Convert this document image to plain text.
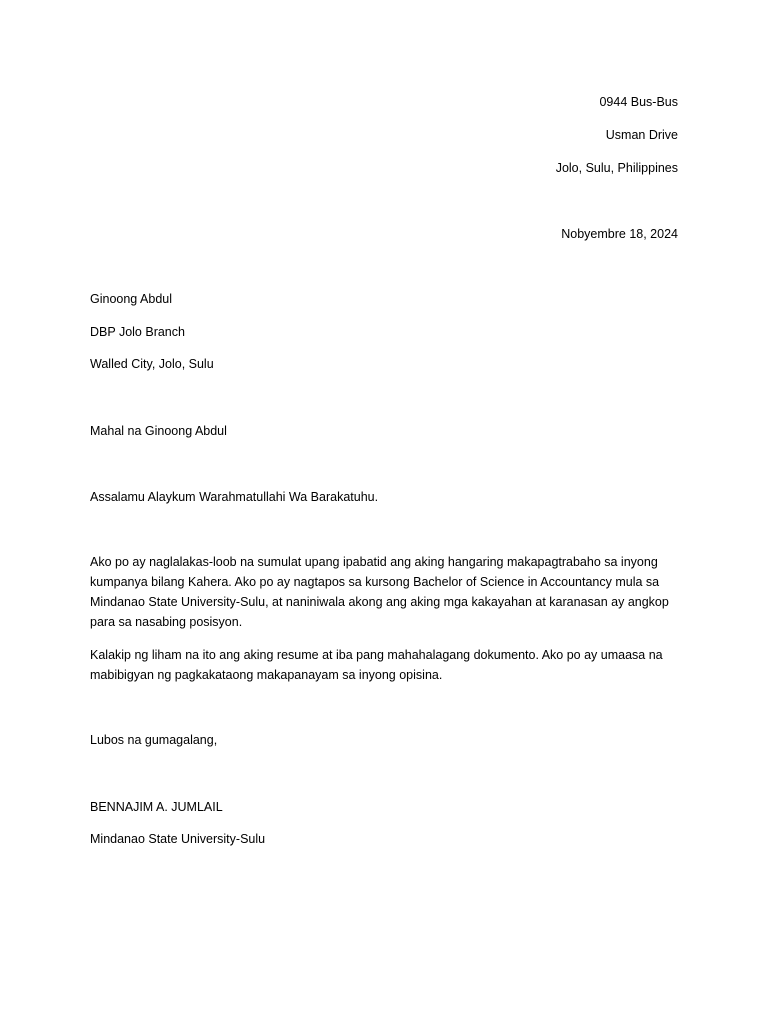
0944 Bus-Bus

Usman Drive

Jolo, Sulu, Philippines

Nobyembre 18, 2024

Ginoong Abdul

DBP Jolo Branch

Walled City, Jolo, Sulu

Mahal na Ginoong Abdul

Assalamu Alaykum Warahmatullahi Wa Barakatuhu.

Ako po ay naglalakas-loob na sumulat upang ipabatid ang aking hangaring makapagtrabaho sa inyong kumpanya bilang Kahera. Ako po ay nagtapos sa kursong Bachelor of Science in Accountancy mula sa Mindanao State University-Sulu, at naniniwala akong ang aking mga kakayahan at karanasan ay angkop para sa nasabing posisyon.

Kalakip ng liham na ito ang aking resume at iba pang mahahalagang dokumento. Ako po ay umaasa na mabibigyan ng pagkakataong makapanayam sa inyong opisina.

Lubos na gumagalang,

BENNAJIM A. JUMLAIL

Mindanao State University-Sulu
